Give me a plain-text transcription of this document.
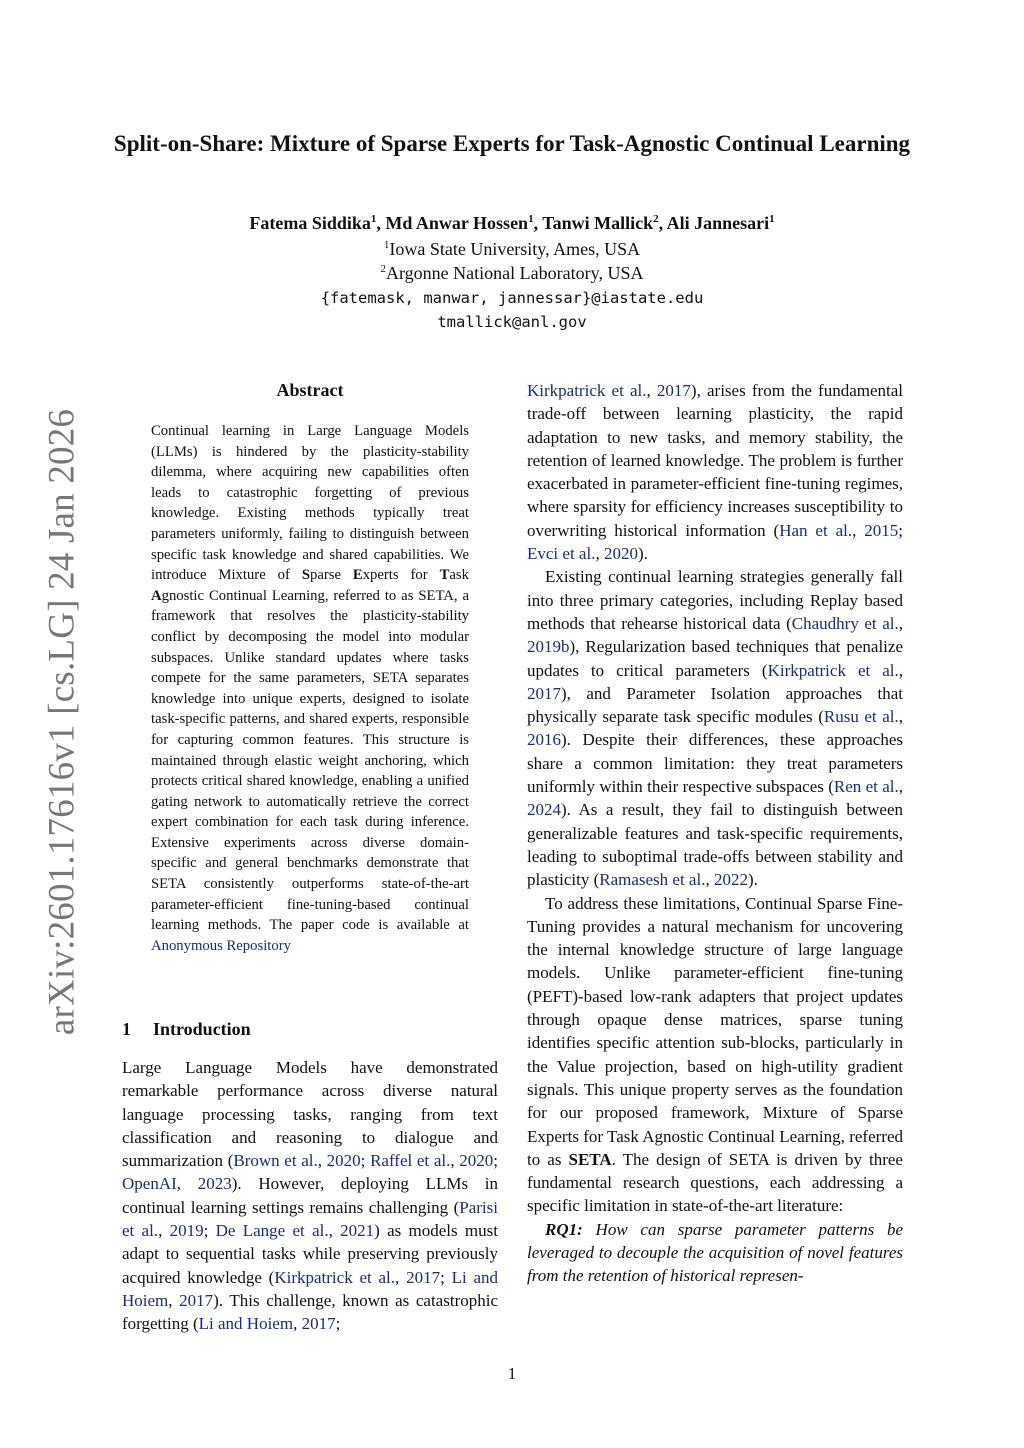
arXiv:2601.17616v1 [cs.LG] 24 Jan 2026
Split-on-Share: Mixture of Sparse Experts for Task-Agnostic Continual Learning
Fatema Siddika$^1$, Md Anwar Hossen$^1$, Tanwi Mallick$^2$, Ali Jannesari$^1$
$^1$Iowa State University, Ames, USA
$^2$Argonne National Laboratory, USA
{fatemask, manwar, jannessar}@iastate.edu
tmallick@anl.gov
Abstract
Continual learning in Large Language Models (LLMs) is hindered by the plasticity-stability dilemma, where acquiring new capabilities often leads to catastrophic forgetting of previous knowledge. Existing methods typically treat parameters uniformly, failing to distinguish between specific task knowledge and shared capabilities. We introduce Mixture of Sparse Experts for Task Agnostic Continual Learning, referred to as SETA, a framework that resolves the plasticity-stability conflict by decomposing the model into modular subspaces. Unlike standard updates where tasks compete for the same parameters, SETA separates knowledge into unique experts, designed to isolate task-specific patterns, and shared experts, responsible for capturing common features. This structure is maintained through elastic weight anchoring, which protects critical shared knowledge, enabling a unified gating network to automatically retrieve the correct expert combination for each task during inference. Extensive experiments across diverse domain-specific and general benchmarks demonstrate that SETA consistently outperforms state-of-the-art parameter-efficient fine-tuning-based continual learning methods. The paper code is available at Anonymous Repository
1 Introduction

Large Language Models have demonstrated remarkable performance across diverse natural language processing tasks, ranging from text classification and reasoning to dialogue and summarization (Brown et al., 2020; Raffel et al., 2020; OpenAI, 2023). However, deploying LLMs in continual learning settings remains challenging (Parisi et al., 2019; De Lange et al., 2021) as models must adapt to sequential tasks while preserving previously acquired knowledge (Kirkpatrick et al., 2017; Li and Hoiem, 2017). This challenge, known as catastrophic forgetting (Li and Hoiem, 2017;

Kirkpatrick et al., 2017), arises from the fundamental trade-off between learning plasticity, the rapid adaptation to new tasks, and memory stability, the retention of learned knowledge. The problem is further exacerbated in parameter-efficient fine-tuning regimes, where sparsity for efficiency increases susceptibility to overwriting historical information (Han et al., 2015; Evci et al., 2020).

Existing continual learning strategies generally fall into three primary categories, including Replay based methods that rehearse historical data (Chaudhry et al., 2019b), Regularization based techniques that penalize updates to critical parameters (Kirkpatrick et al., 2017), and Parameter Isolation approaches that physically separate task specific modules (Rusu et al., 2016). Despite their differences, these approaches share a common limitation: they treat parameters uniformly within their respective subspaces (Ren et al., 2024). As a result, they fail to distinguish between generalizable features and task-specific requirements, leading to suboptimal trade-offs between stability and plasticity (Ramasesh et al., 2022).

To address these limitations, Continual Sparse Fine-Tuning provides a natural mechanism for uncovering the internal knowledge structure of large language models. Unlike parameter-efficient fine-tuning (PEFT)-based low-rank adapters that project updates through opaque dense matrices, sparse tuning identifies specific attention sub-blocks, particularly in the Value projection, based on high-utility gradient signals. This unique property serves as the foundation for our proposed framework, Mixture of Sparse Experts for Task Agnostic Continual Learning, referred to as SETA. The design of SETA is driven by three fundamental research questions, each addressing a specific limitation in state-of-the-art literature:

RQ1: How can sparse parameter patterns be leveraged to decouple the acquisition of novel features from the retention of historical represen-

1
